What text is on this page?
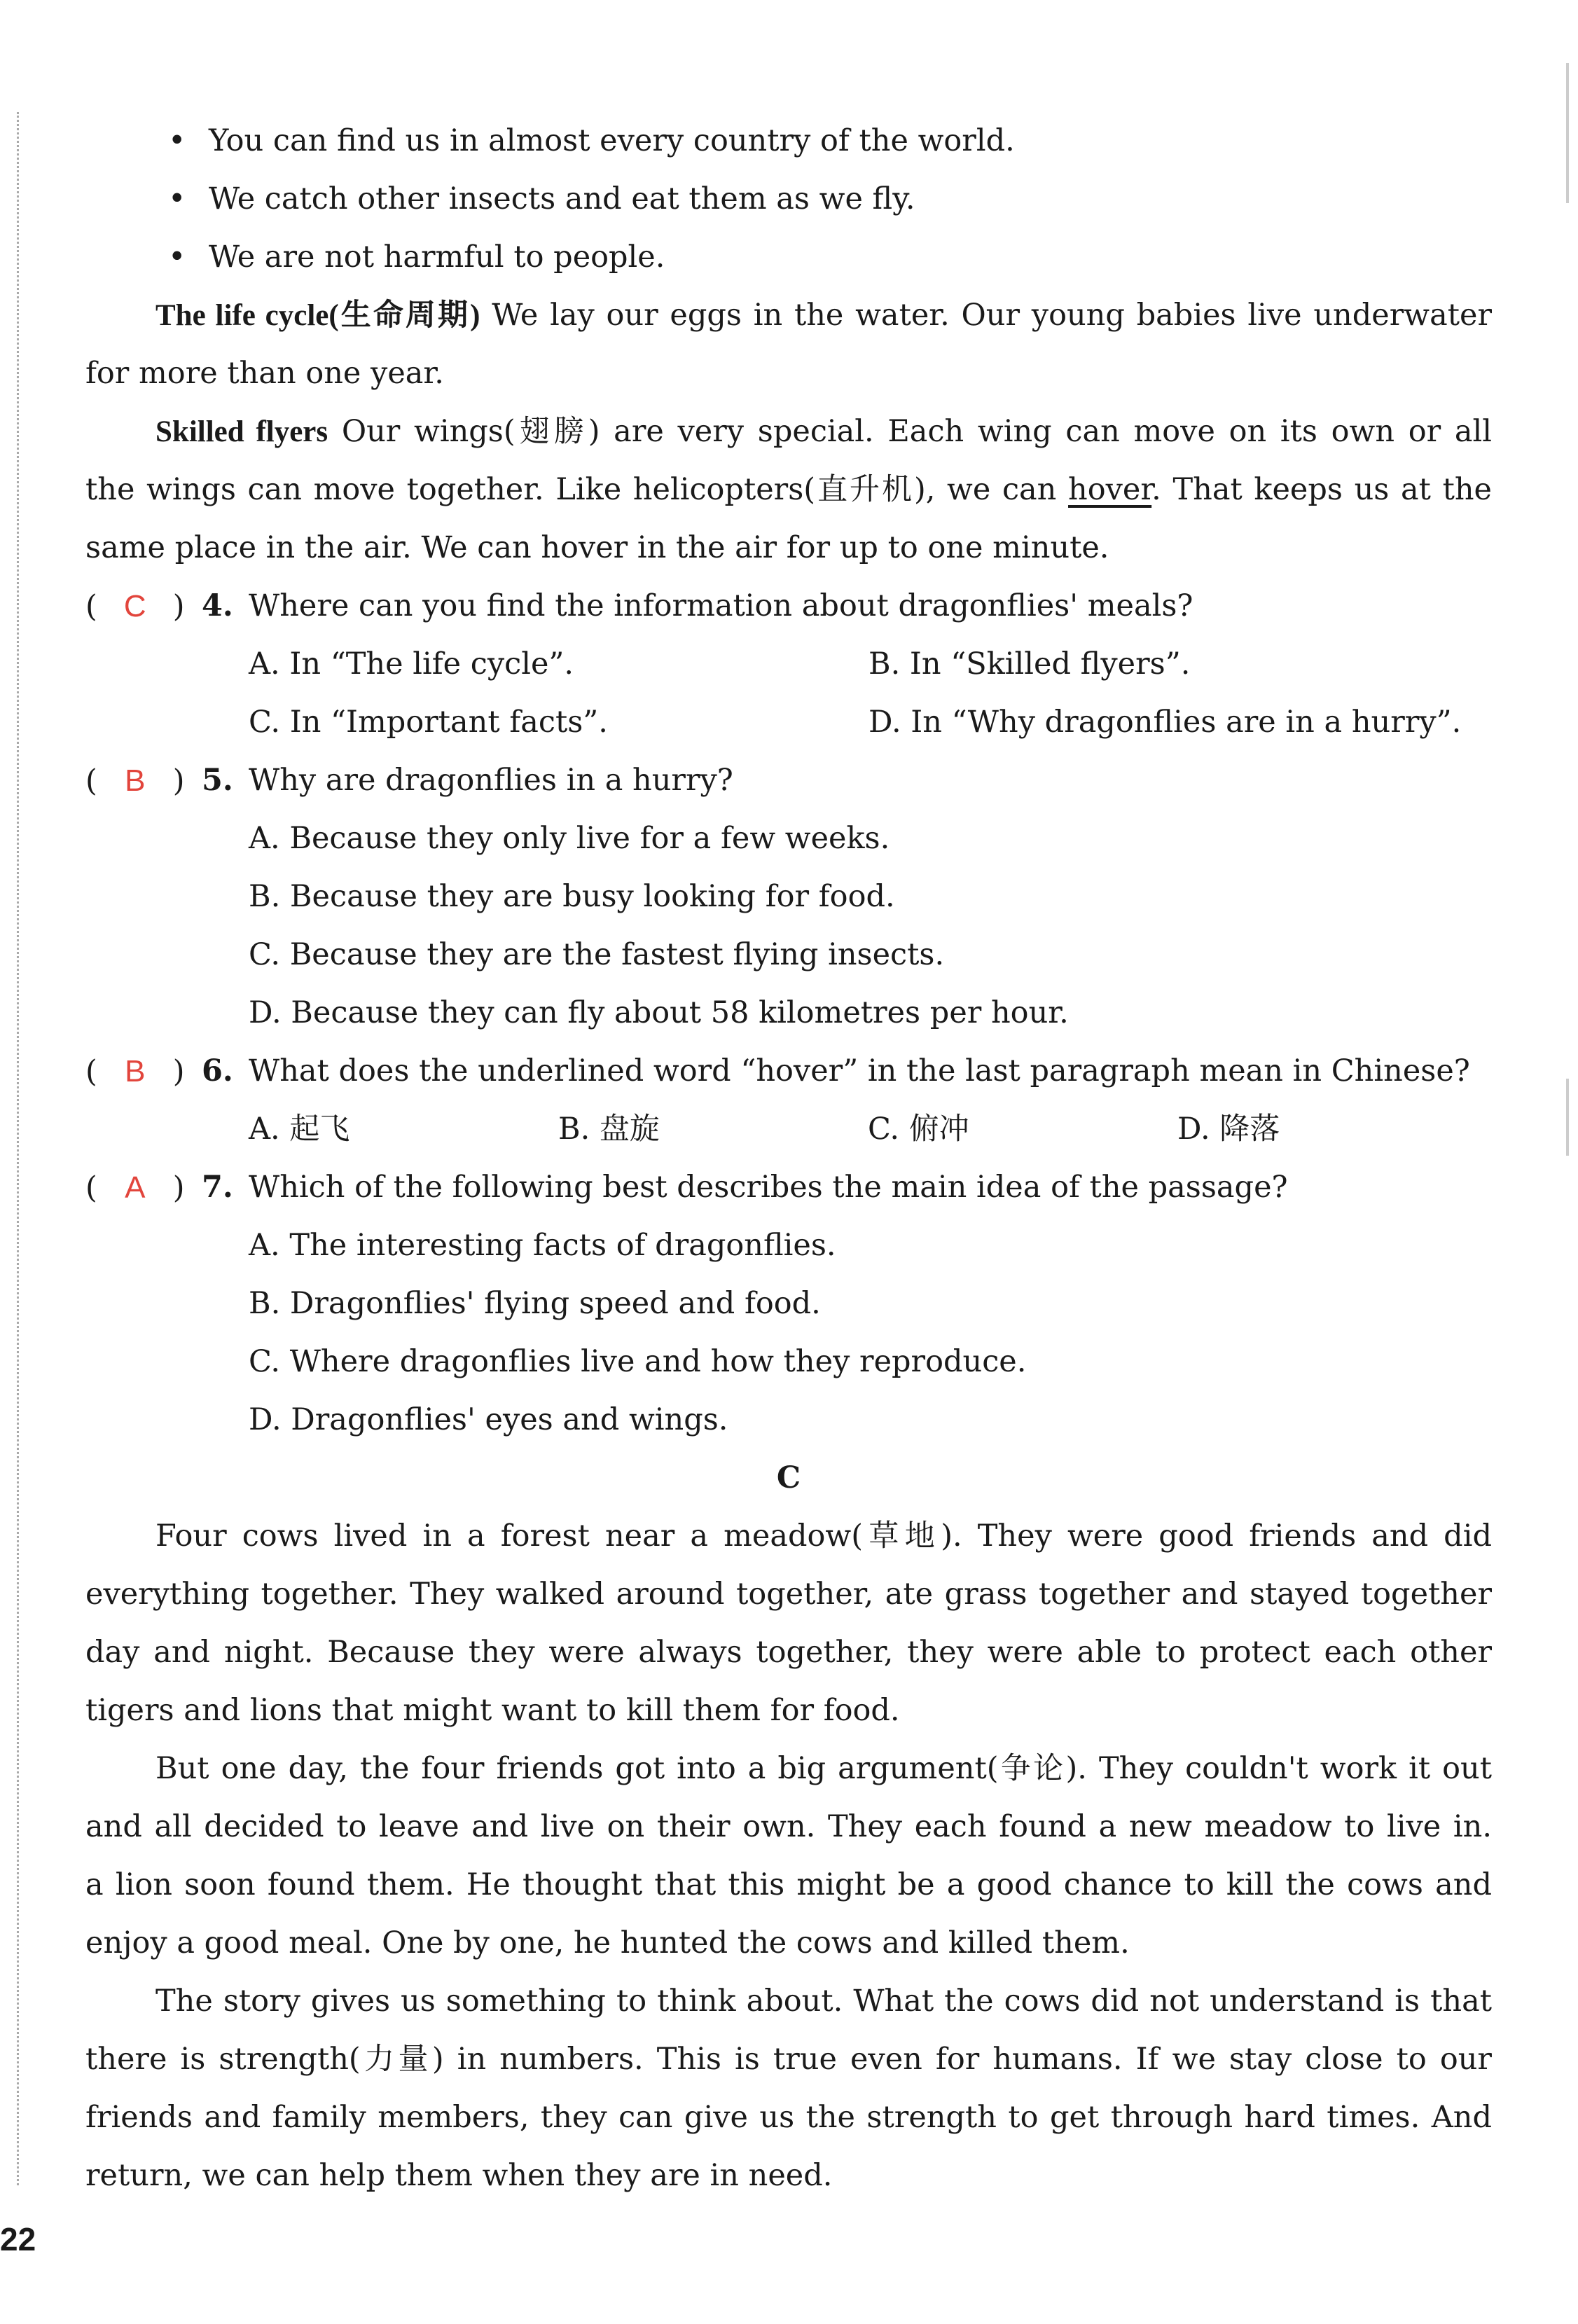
• You can find us in almost every country of the world.
• We catch other insects and eat them as we fly.
• We are not harmful to people.
The life cycle(生命周期) We lay our eggs in the water. Our young babies live underwater
for more than one year.
Skilled flyers Our wings(翅膀) are very special. Each wing can move on its own or all
the wings can move together. Like helicopters(直升机), we can hover. That keeps us at the
same place in the air. We can hover in the air for up to one minute.
( C ) 4. Where can you find the information about dragonflies' meals?
A. In “The life cycle”.	B. In “Skilled flyers”.
C. In “Important facts”.	D. In “Why dragonflies are in a hurry”.
( B ) 5. Why are dragonflies in a hurry?
A. Because they only live for a few weeks.
B. Because they are busy looking for food.
C. Because they are the fastest flying insects.
D. Because they can fly about 58 kilometres per hour.
( B ) 6. What does the underlined word “hover” in the last paragraph mean in Chinese?
A. 起飞	B. 盘旋	C. 俯冲	D. 降落
( A ) 7. Which of the following best describes the main idea of the passage?
A. The interesting facts of dragonflies.
B. Dragonflies' flying speed and food.
C. Where dragonflies live and how they reproduce.
D. Dragonflies' eyes and wings.
C
Four cows lived in a forest near a meadow(草地). They were good friends and did
everything together. They walked around together, ate grass together and stayed together
day and night. Because they were always together, they were able to protect each other
tigers and lions that might want to kill them for food.
But one day, the four friends got into a big argument(争论). They couldn't work it out
and all decided to leave and live on their own. They each found a new meadow to live in.
a lion soon found them. He thought that this might be a good chance to kill the cows and
enjoy a good meal. One by one, he hunted the cows and killed them.
The story gives us something to think about. What the cows did not understand is that
there is strength(力量) in numbers. This is true even for humans. If we stay close to our
friends and family members, they can give us the strength to get through hard times. And
return, we can help them when they are in need.
22
